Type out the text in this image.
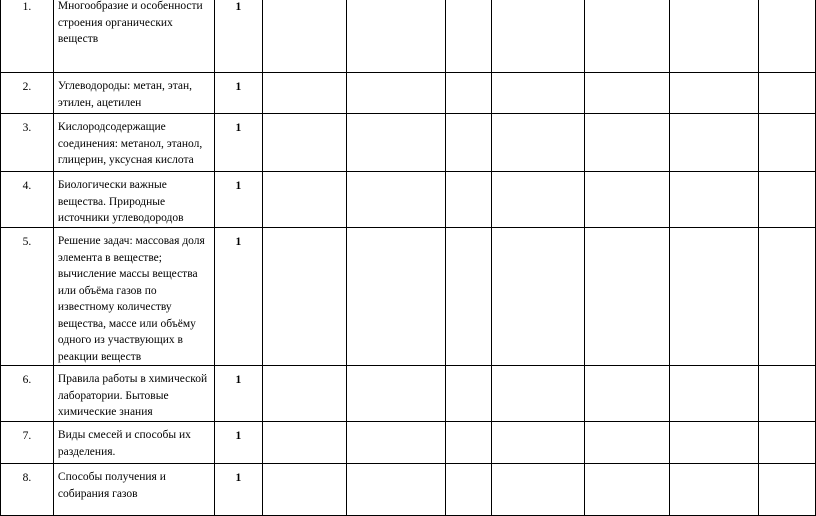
1.	Многообразие и особенности строения органических веществ	1							
2.	Углеводороды: метан, этан, этилен, ацетилен	1							
3.	Кислородсодержащие соединения: метанол, этанол, глицерин, уксусная кислота	1							
4.	Биологически важные вещества. Природные источники углеводородов	1							
5.	Решение задач: массовая доля элемента в веществе; вычисление массы вещества или объёма газов по известному количеству вещества, массе или объёму одного из участвующих в реакции веществ	1							
6.	Правила работы в химической лаборатории. Бытовые химические знания	1							
7.	Виды смесей и способы их разделения.	1							
8.	Способы получения и собирания газов	1							
